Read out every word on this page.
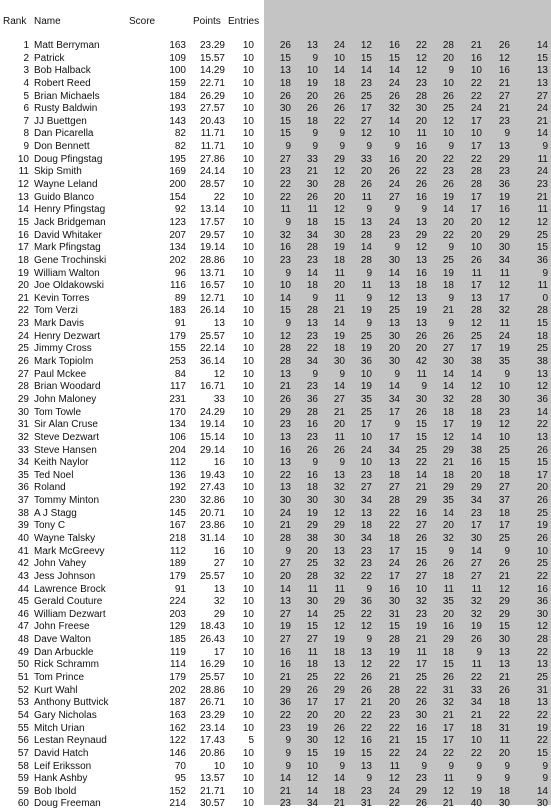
Rank Name	Score	Points Entries
1 Matt Berryman	163	23.29	10	26	13	24	12	16	22	28	21	26	14
2 Patrick	109	15.57	10	15	9	10	15	15	12	20	16	12	15
3 Bob Halback	100	14.29	10	13	10	14	14	14	12	9	10	16	13
4 Robert Reed	159	22.71	10	18	19	18	23	24	23	10	22	21	13
5 Brian Michaels	184	26.29	10	26	20	26	25	26	28	26	22	27	27
6 Rusty Baldwin	193	27.57	10	30	26	26	17	32	30	25	24	21	24
7 JJ Buettgen	143	20.43	10	15	18	22	27	14	20	12	17	23	21
8 Dan Picarella	82	11.71	10	15	9	9	12	10	11	10	10	9	14
9 Don Bennett	82	11.71	10	9	9	9	9	9	16	9	17	13	9
10 Doug Pfingstag	195	27.86	10	27	33	29	33	16	20	22	22	29	11
11 Skip Smith	169	24.14	10	23	21	12	20	26	22	23	28	23	24
12 Wayne Leland	200	28.57	10	22	30	28	26	24	26	26	28	36	23
13 Guido Blanco	154	22	10	22	26	20	11	27	16	19	17	19	21
14 Henry Pfingstag	92	13.14	10	11	11	12	9	9	9	14	17	16	11
15 Jack Bridgeman	123	17.57	10	9	18	15	13	24	13	20	20	12	12
16 David Whitaker	207	29.57	10	32	34	30	28	23	29	22	20	29	25
17 Mark Pfingstag	134	19.14	10	16	28	19	14	9	12	9	10	30	15
18 Gene Trochinski	202	28.86	10	23	23	18	28	30	13	25	26	34	36
19 William Walton	96	13.71	10	9	14	11	9	14	16	19	11	11	9
20 Joe Oldakowski	116	16.57	10	10	18	20	11	13	18	18	17	12	11
21 Kevin Torres	89	12.71	10	14	9	11	9	12	13	9	13	17	0
22 Tom Verzi	183	26.14	10	15	28	21	19	25	19	21	28	32	28
23 Mark Davis	91	13	10	9	13	14	9	13	13	9	12	11	15
24 Henry Dezwart	179	25.57	10	12	23	19	25	30	26	26	25	24	18
25 Jimmy Cross	155	22.14	10	28	22	18	19	20	20	27	17	19	25
26 Mark Topiolm	253	36.14	10	28	34	30	36	30	42	30	38	35	38
27 Paul Mckee	84	12	10	13	9	9	10	9	11	14	14	9	13
28 Brian Woodard	117	16.71	10	21	23	14	19	14	9	14	12	10	12
29 John Maloney	231	33	10	26	36	27	35	34	30	32	28	30	36
30 Tom Towle	170	24.29	10	29	28	21	25	17	26	18	18	23	14
31 Sir Alan Cruse	134	19.14	10	23	16	20	17	9	15	17	19	12	22
32 Steve Dezwart	106	15.14	10	13	23	11	10	17	15	12	14	10	13
33 Steve Hansen	204	29.14	10	16	26	26	24	34	25	29	38	25	26
34 Keith Naylor	112	16	10	13	9	9	10	13	22	21	16	15	15
35 Ted Noel	136	19.43	10	22	16	13	23	18	14	18	20	18	17
36 Roland	192	27.43	10	13	18	32	27	27	21	29	29	27	20
37 Tommy Minton	230	32.86	10	30	30	30	34	28	29	35	34	37	26
38 A J Stagg	145	20.71	10	24	19	12	13	22	16	14	23	18	25
39 Tony C	167	23.86	10	21	29	29	18	22	27	20	17	17	19
40 Wayne Talsky	218	31.14	10	28	38	30	34	18	26	32	30	25	26
41 Mark McGreevy	112	16	10	9	20	13	23	17	15	9	14	9	10
42 John Vahey	189	27	10	27	25	32	23	24	26	26	27	26	25
43 Jess Johnson	179	25.57	10	20	28	32	22	17	27	18	27	21	22
44 Lawrence Brock	91	13	10	14	11	11	9	16	10	11	11	12	16
45 Gerald Couture	224	32	10	13	30	29	36	30	32	35	32	29	36
46 William Dezwart	203	29	10	27	14	25	22	31	23	20	32	29	30
47 John Freese	129	18.43	10	19	15	12	12	15	19	16	19	15	12
48 Dave Walton	185	26.43	10	27	27	19	9	28	21	29	26	30	28
49 Dan Arbuckle	119	17	10	16	11	18	13	19	11	18	9	13	22
50 Rick Schramm	114	16.29	10	16	18	13	12	22	17	15	11	13	13
51 Tom Prince	179	25.57	10	21	25	22	26	21	25	26	22	21	25
52 Kurt Wahl	202	28.86	10	29	26	29	26	28	22	31	33	26	31
53 Anthony Buttvick	187	26.71	10	36	17	17	21	20	26	32	34	18	13
54 Gary Nicholas	163	23.29	10	22	20	20	22	23	30	21	21	22	22
55 Mitch Urian	162	23.14	10	23	19	26	22	22	16	17	18	31	19
56 Lestan Reynaud	122	17.43	5	9	30	12	16	21	15	17	10	11	22
57 David Hatch	146	20.86	10	9	15	19	15	22	24	22	22	20	15
58 Leif Eriksson	70	10	10	9	10	9	13	11	9	9	9	9	9
59 Hank Ashby	95	13.57	10	14	12	14	9	12	23	11	9	9	9
59 Bob Ibold	152	21.71	10	21	14	18	23	24	29	12	19	18	14
60 Doug Freeman	214	30.57	10	23	34	21	31	22	26	21	40	30	30
